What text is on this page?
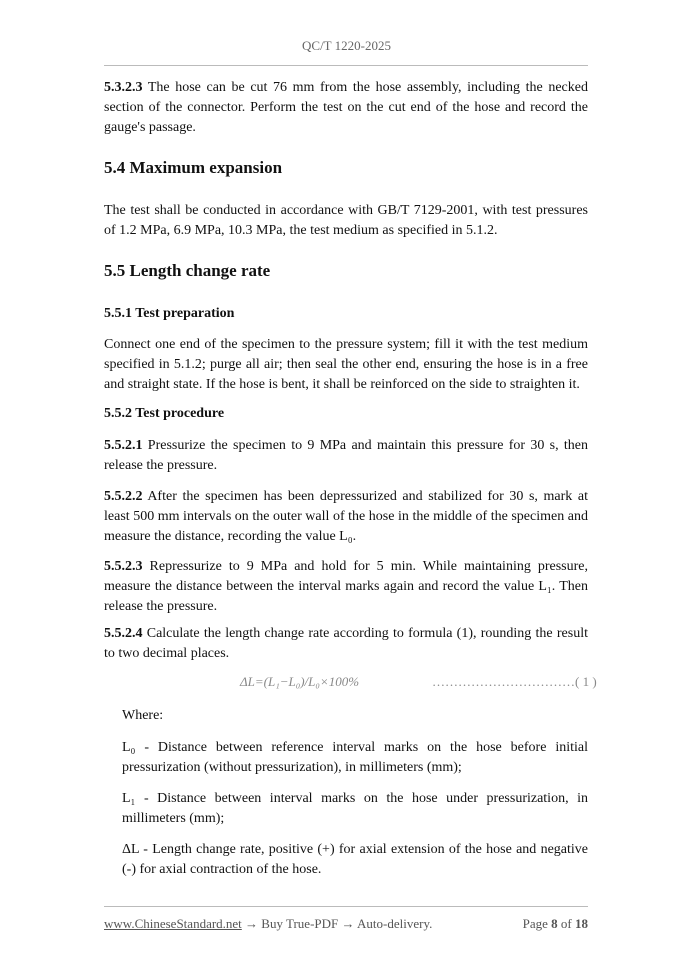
QC/T 1220-2025
5.3.2.3 The hose can be cut 76 mm from the hose assembly, including the necked section of the connector. Perform the test on the cut end of the hose and record the gauge's passage.
5.4 Maximum expansion
The test shall be conducted in accordance with GB/T 7129-2001, with test pressures of 1.2 MPa, 6.9 MPa, 10.3 MPa, the test medium as specified in 5.1.2.
5.5 Length change rate
5.5.1 Test preparation
Connect one end of the specimen to the pressure system; fill it with the test medium specified in 5.1.2; purge all air; then seal the other end, ensuring the hose is in a free and straight state. If the hose is bent, it shall be reinforced on the side to straighten it.
5.5.2 Test procedure
5.5.2.1 Pressurize the specimen to 9 MPa and maintain this pressure for 30 s, then release the pressure.
5.5.2.2 After the specimen has been depressurized and stabilized for 30 s, mark at least 500 mm intervals on the outer wall of the hose in the middle of the specimen and measure the distance, recording the value L₀.
5.5.2.3 Repressurize to 9 MPa and hold for 5 min. While maintaining pressure, measure the distance between the interval marks again and record the value L₁. Then release the pressure.
5.5.2.4 Calculate the length change rate according to formula (1), rounding the result to two decimal places.
ΔL=(L₁−L₀)/L₀×100%	……………………………( 1 )
Where:
L₀ - Distance between reference interval marks on the hose before initial pressurization (without pressurization), in millimeters (mm);
L₁ - Distance between interval marks on the hose under pressurization, in millimeters (mm);
ΔL - Length change rate, positive (+) for axial extension of the hose and negative (-) for axial contraction of the hose.
www.ChineseStandard.net → Buy True-PDF → Auto-delivery.	Page 8 of 18
